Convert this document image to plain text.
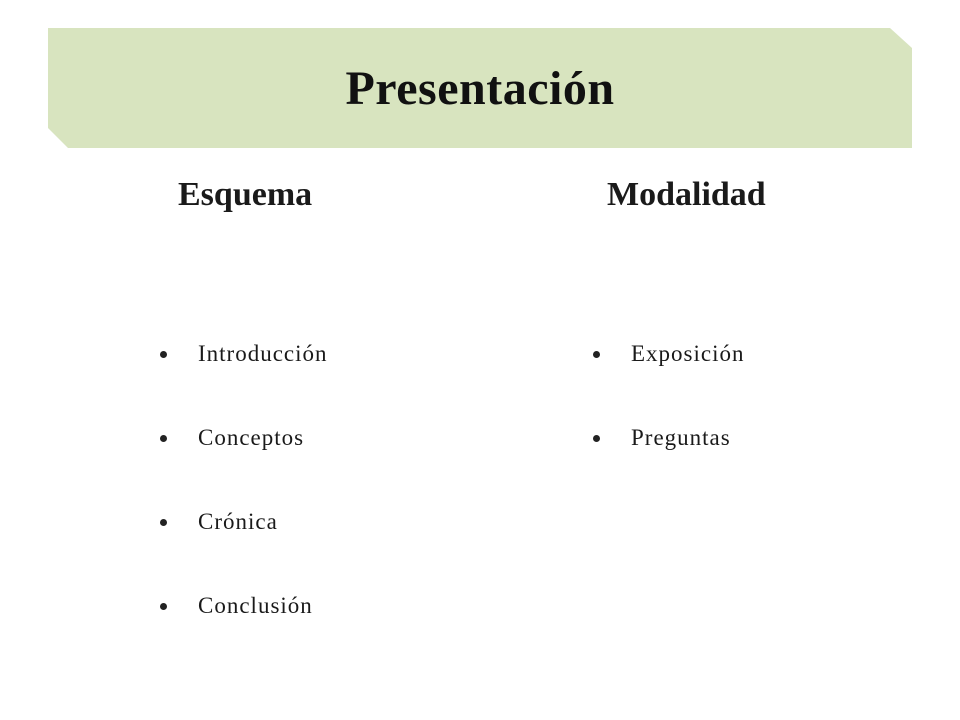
Presentación
Esquema	Modalidad
Introducción
Conceptos
Crónica
Conclusión
Exposición
Preguntas
